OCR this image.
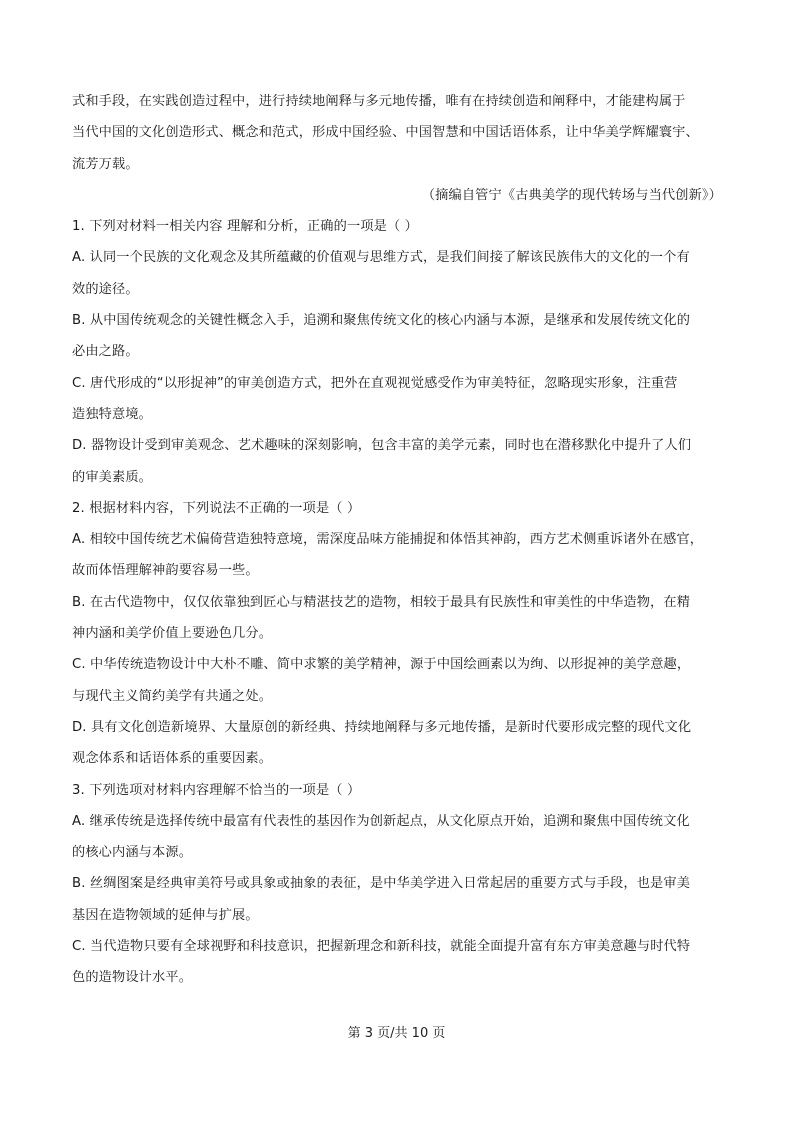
式和手段，在实践创造过程中，进行持续地阐释与多元地传播，唯有在持续创造和阐释中，才能建构属于
当代中国的文化创造形式、概念和范式，形成中国经验、中国智慧和中国话语体系，让中华美学辉耀寰宇、
流芳万载。
（摘编自管宁《古典美学的现代转场与当代创新》）
1. 下列对材料一相关内容 理解和分析，正确的一项是（ ）
A. 认同一个民族的文化观念及其所蕴藏的价值观与思维方式，是我们间接了解该民族伟大的文化的一个有
效的途径。
B. 从中国传统观念的关键性概念入手，追溯和聚焦传统文化的核心内涵与本源，是继承和发展传统文化的
必由之路。
C. 唐代形成的“以形捉神”的审美创造方式，把外在直观视觉感受作为审美特征，忽略现实形象，注重营
造独特意境。
D. 器物设计受到审美观念、艺术趣味的深刻影响，包含丰富的美学元素，同时也在潜移默化中提升了人们
的审美素质。
2. 根据材料内容，下列说法不正确的一项是（ ）
A. 相较中国传统艺术偏倚营造独特意境，需深度品味方能捕捉和体悟其神韵，西方艺术侧重诉诸外在感官，
故而体悟理解神韵要容易一些。
B. 在古代造物中，仅仅依靠独到匠心与精湛技艺的造物，相较于最具有民族性和审美性的中华造物，在精
神内涵和美学价值上要逊色几分。
C. 中华传统造物设计中大朴不雕、简中求繁的美学精神，源于中国绘画素以为绚、以形捉神的美学意趣，
与现代主义简约美学有共通之处。
D. 具有文化创造新境界、大量原创的新经典、持续地阐释与多元地传播，是新时代要形成完整的现代文化
观念体系和话语体系的重要因素。
3. 下列选项对材料内容理解不恰当的一项是（ ）
A. 继承传统是选择传统中最富有代表性的基因作为创新起点，从文化原点开始，追溯和聚焦中国传统文化
的核心内涵与本源。
B. 丝绸图案是经典审美符号或具象或抽象的表征，是中华美学进入日常起居的重要方式与手段，也是审美
基因在造物领域的延伸与扩展。
C. 当代造物只要有全球视野和科技意识，把握新理念和新科技，就能全面提升富有东方审美意趣与时代特
色的造物设计水平。
第 3 页/共 10 页
